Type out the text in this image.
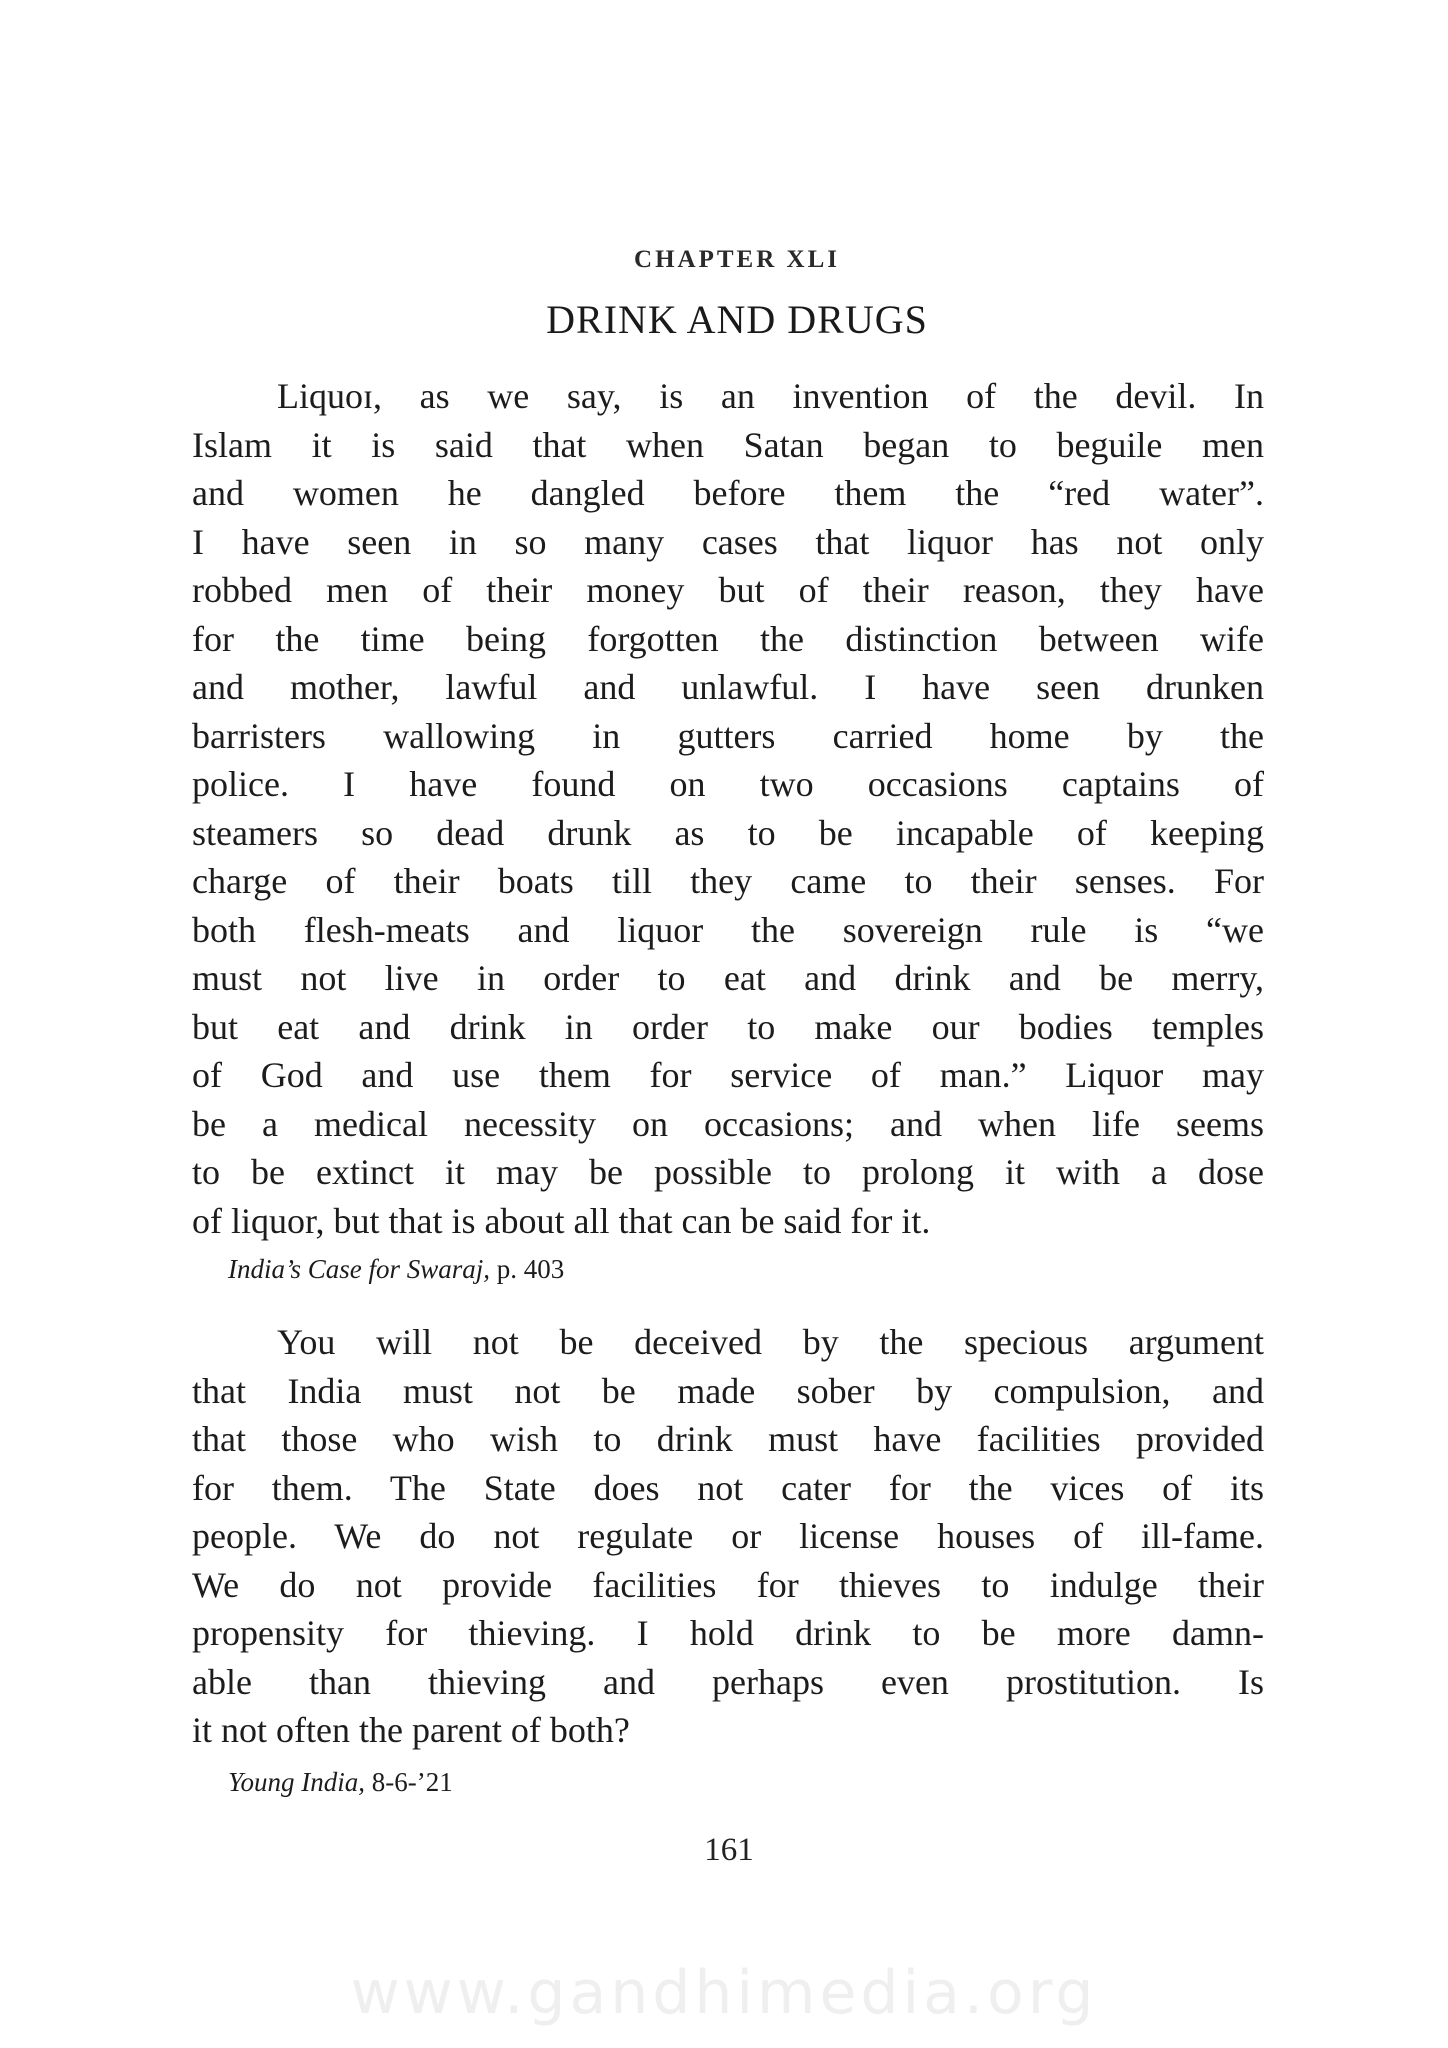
CHAPTER XLI
DRINK AND DRUGS
Liquoɪ, as we say, is an invention of the devil. In
Islam it is said that when Satan began to beguile men
and women he dangled before them the “red water”.
I have seen in so many cases that liquor has not only
robbed men of their money but of their reason, they have
for the time being forgotten the distinction between wife
and mother, lawful and unlawful. I have seen drunken
barristers wallowing in gutters carried home by the
police. I have found on two occasions captains of
steamers so dead drunk as to be incapable of keeping
charge of their boats till they came to their senses. For
both flesh-meats and liquor the sovereign rule is “we
must not live in order to eat and drink and be merry,
but eat and drink in order to make our bodies temples
of God and use them for service of man.” Liquor may
be a medical necessity on occasions; and when life seems
to be extinct it may be possible to prolong it with a dose
of liquor, but that is about all that can be said for it.
India’s Case for Swaraj, p. 403
You will not be deceived by the specious argument
that India must not be made sober by compulsion, and
that those who wish to drink must have facilities provided
for them. The State does not cater for the vices of its
people. We do not regulate or license houses of ill-fame.
We do not provide facilities for thieves to indulge their
propensity for thieving. I hold drink to be more damn-
able than thieving and perhaps even prostitution. Is
it not often the parent of both?
Young India, 8-6-’21
161
www.gandhimedia.org
